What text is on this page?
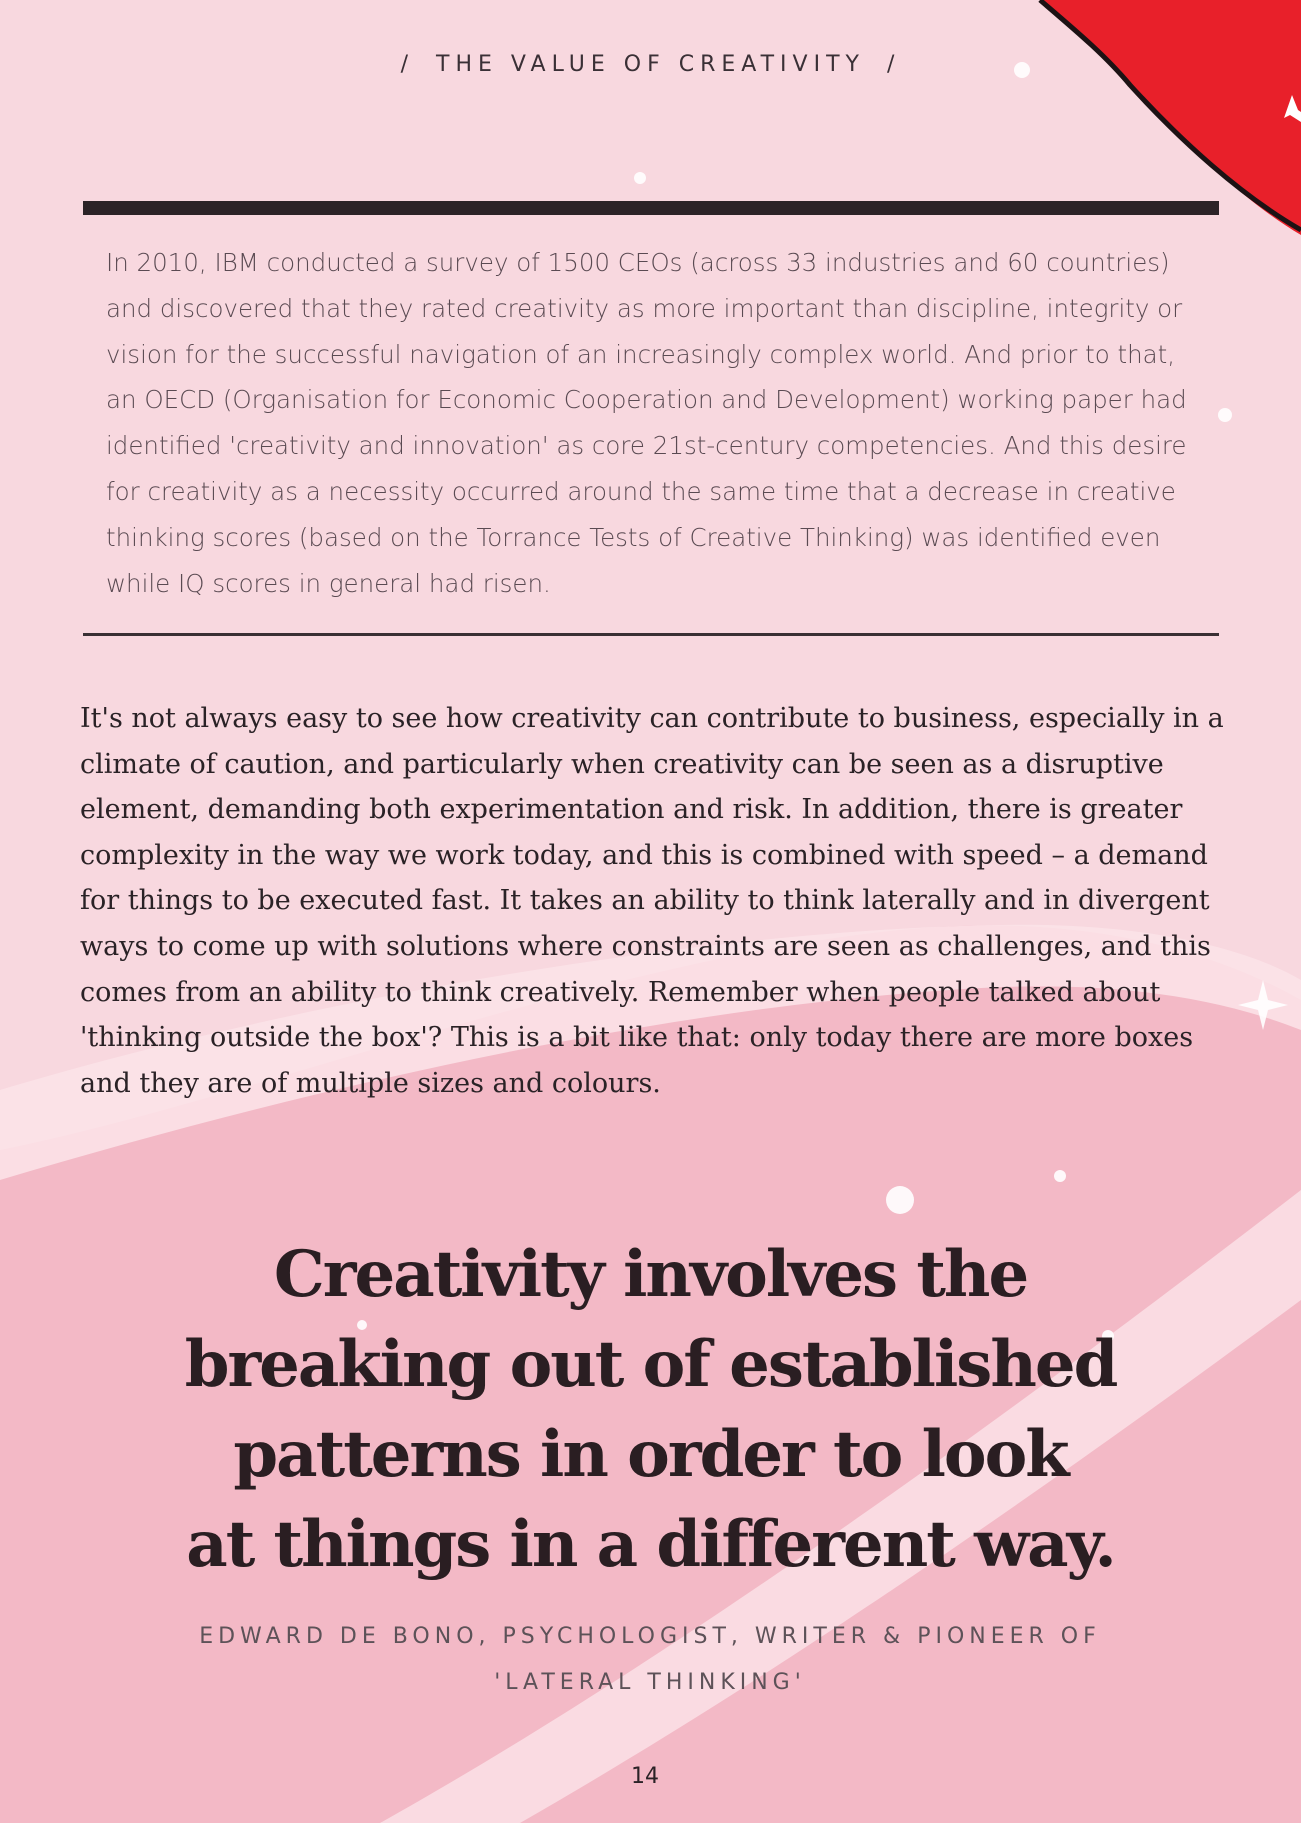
/ THE VALUE OF CREATIVITY /

In 2010, IBM conducted a survey of 1500 CEOs (across 33 industries and 60 countries) and discovered that they rated creativity as more important than discipline, integrity or vision for the successful navigation of an increasingly complex world. And prior to that, an OECD (Organisation for Economic Cooperation and Development) working paper had identified 'creativity and innovation' as core 21st-century competencies. And this desire for creativity as a necessity occurred around the same time that a decrease in creative thinking scores (based on the Torrance Tests of Creative Thinking) was identified even while IQ scores in general had risen.

It's not always easy to see how creativity can contribute to business, especially in a climate of caution, and particularly when creativity can be seen as a disruptive element, demanding both experimentation and risk. In addition, there is greater complexity in the way we work today, and this is combined with speed – a demand for things to be executed fast. It takes an ability to think laterally and in divergent ways to come up with solutions where constraints are seen as challenges, and this comes from an ability to think creatively. Remember when people talked about 'thinking outside the box'? This is a bit like that: only today there are more boxes and they are of multiple sizes and colours.

Creativity involves the
breaking out of established
patterns in order to look
at things in a different way.
EDWARD DE BONO, PSYCHOLOGIST, WRITER & PIONEER OF
'LATERAL THINKING'
14
